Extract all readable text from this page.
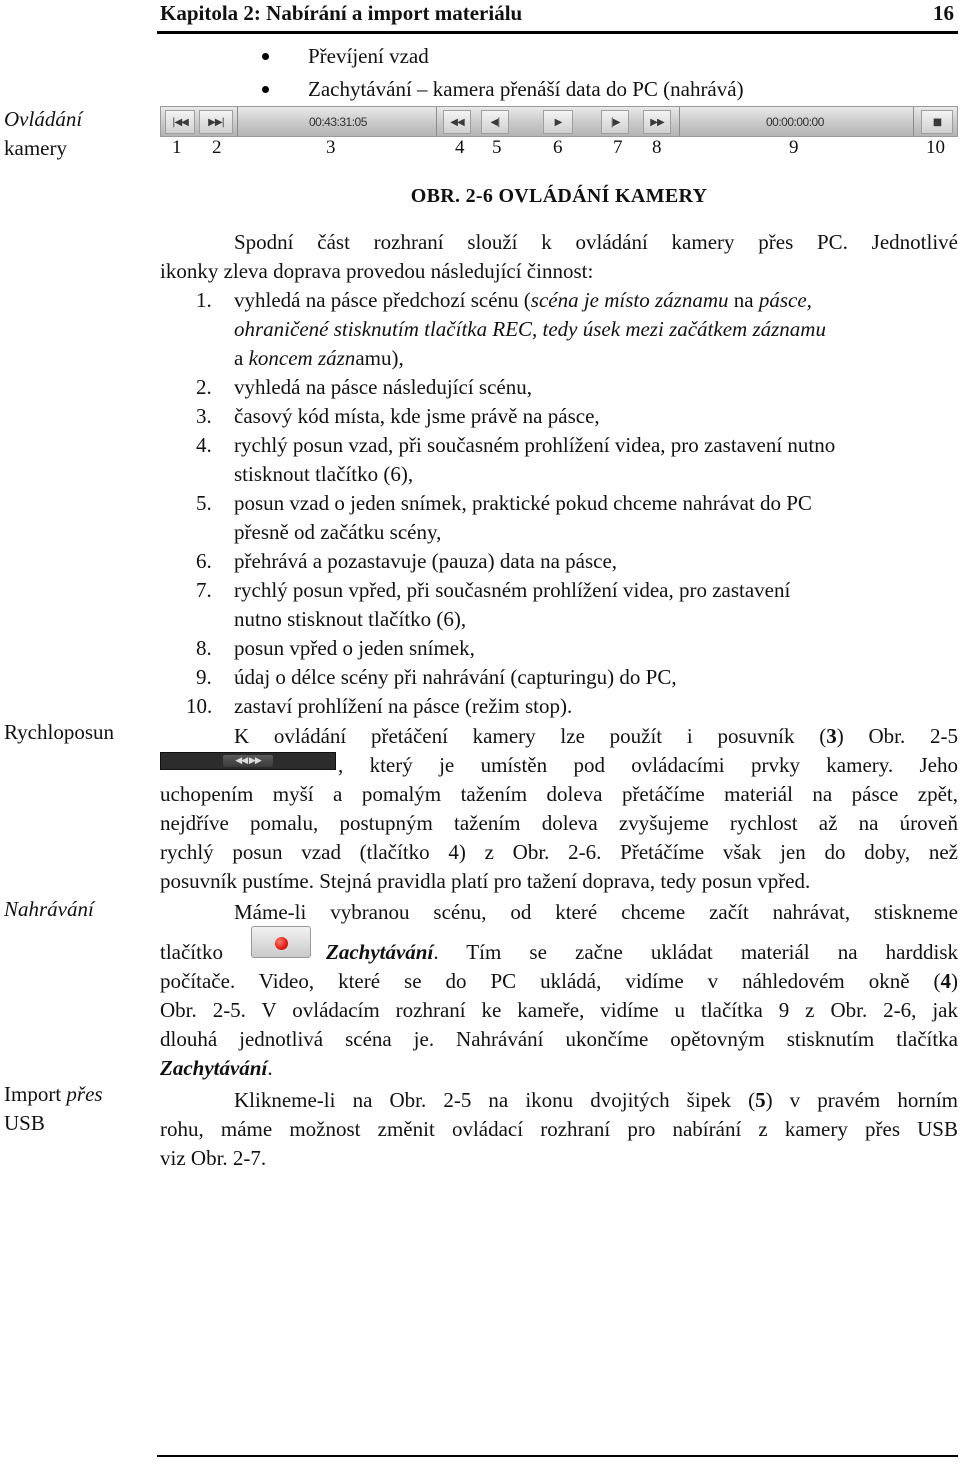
Kapitola 2: Nabírání a import materiálu	16
Ovládání
kamery
Rychloposun
Nahrávání
Import přes
USB
Převíjení vzad
Zachytávání – kamera přenáší data do PC (nahrává)
|◀◀	▶▶|	00:43:31:05	◀◀	◀|	▶	|▶	▶▶	00:00:00:00	■
1 2	3	4 5	6	7 8	9	10
OBR. 2-6 OVLÁDÁNÍ KAMERY
Spodní část rozhraní slouží k ovládání kamery přes PC. Jednotlivé
ikonky zleva doprava provedou následující činnost:
1. vyhledá na pásce předchozí scénu (scéna je místo záznamu na pásce,
ohraničené stisknutím tlačítka REC, tedy úsek mezi začátkem záznamu
a koncem záznamu),
2. vyhledá na pásce následující scénu,
3. časový kód místa, kde jsme právě na pásce,
4. rychlý posun vzad, při současném prohlížení videa, pro zastavení nutno
stisknout tlačítko (6),
5. posun vzad o jeden snímek, praktické pokud chceme nahrávat do PC
přesně od začátku scény,
6. přehrává a pozastavuje (pauza) data na pásce,
7. rychlý posun vpřed, při současném prohlížení videa, pro zastavení
nutno stisknout tlačítko (6),
8. posun vpřed o jeden snímek,
9. údaj o délce scény při nahrávání (capturingu) do PC,
10. zastaví prohlížení na pásce (režim stop).
K ovládání přetáčení kamery lze použít i posuvník (3) Obr. 2-5
◀◀ ▶▶	, který je umístěn pod ovládacími prvky kamery. Jeho
uchopením myší a pomalým tažením doleva přetáčíme materiál na pásce zpět,
nejdříve pomalu, postupným tažením doleva zvyšujeme rychlost až na úroveň
rychlý posun vzad (tlačítko 4) z Obr. 2-6. Přetáčíme však jen do doby, než
posuvník pustíme. Stejná pravidla platí pro tažení doprava, tedy posun vpřed.
Máme-li vybranou scénu, od které chceme začít nahrávat, stiskneme
tlačítko	Zachytávání. Tím se začne ukládat materiál na harddisk
počítače. Video, které se do PC ukládá, vidíme v náhledovém okně (4)
Obr. 2-5. V ovládacím rozhraní ke kameře, vidíme u tlačítka 9 z Obr. 2-6, jak
dlouhá jednotlivá scéna je. Nahrávání ukončíme opětovným stisknutím tlačítka
Zachytávání.
Klikneme-li na Obr. 2-5 na ikonu dvojitých šipek (5) v pravém horním
rohu, máme možnost změnit ovládací rozhraní pro nabírání z kamery přes USB
viz Obr. 2-7.
